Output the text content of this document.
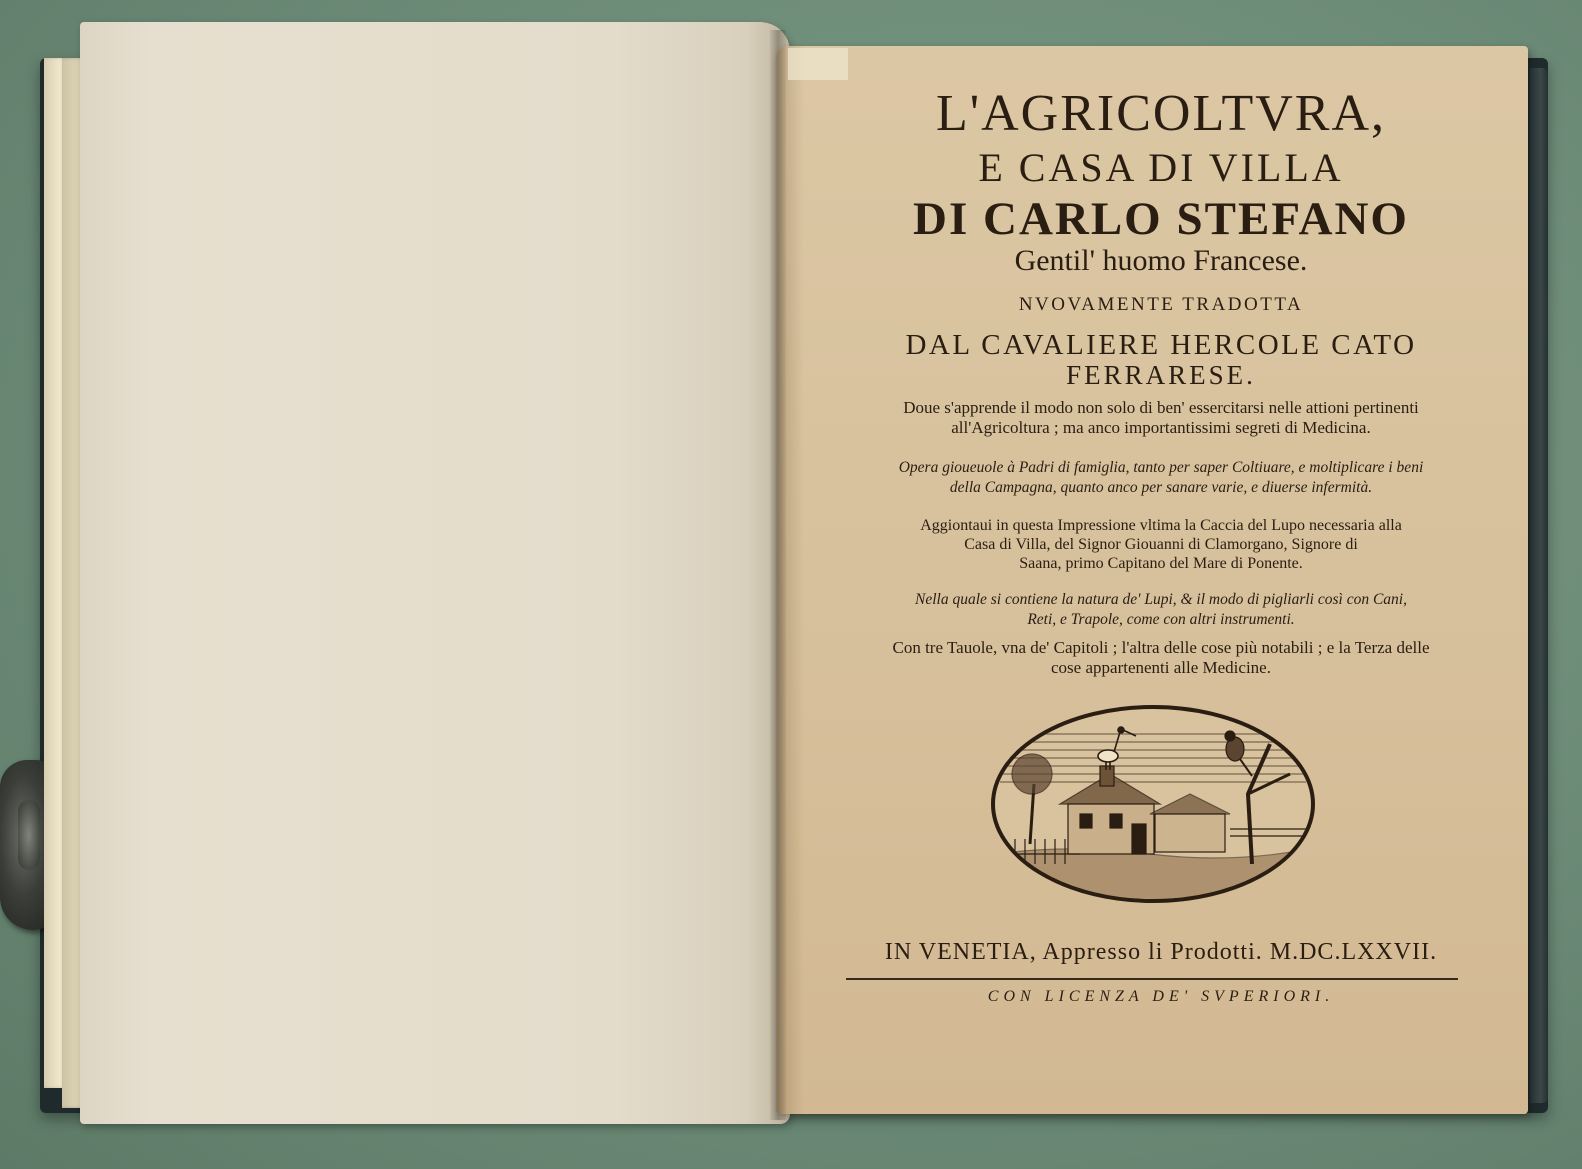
L'AGRICOLTVRA,
E CASA DI VILLA
DI CARLO STEFANO
Gentil' huomo Francese.
NVOVAMENTE TRADOTTA
DAL CAVALIERE HERCOLE CATO
FERRARESE.
Doue s'apprende il modo non solo di ben' essercitarsi nelle attioni pertinenti
all'Agricoltura ; ma anco importantissimi segreti di Medicina.
Opera gioueuole à Padri di famiglia, tanto per saper Coltiuare, e moltiplicare i beni
della Campagna, quanto anco per sanare varie, e diuerse infermità.
Aggiontaui in questa Impressione vltima la Caccia del Lupo necessaria alla
Casa di Villa, del Signor Giouanni di Clamorgano, Signore di
Saana, primo Capitano del Mare di Ponente.
Nella quale si contiene la natura de' Lupi, & il modo di pigliarli così con Cani,
Reti, e Trapole, come con altri instrumenti.
Con tre Tauole, vna de' Capitoli ; l'altra delle cose più notabili ; e la Terza delle
cose appartenenti alle Medicine.
IN VENETIA, Appresso li Prodotti. M.DC.LXXVII.
CON LICENZA DE' SVPERIORI.
